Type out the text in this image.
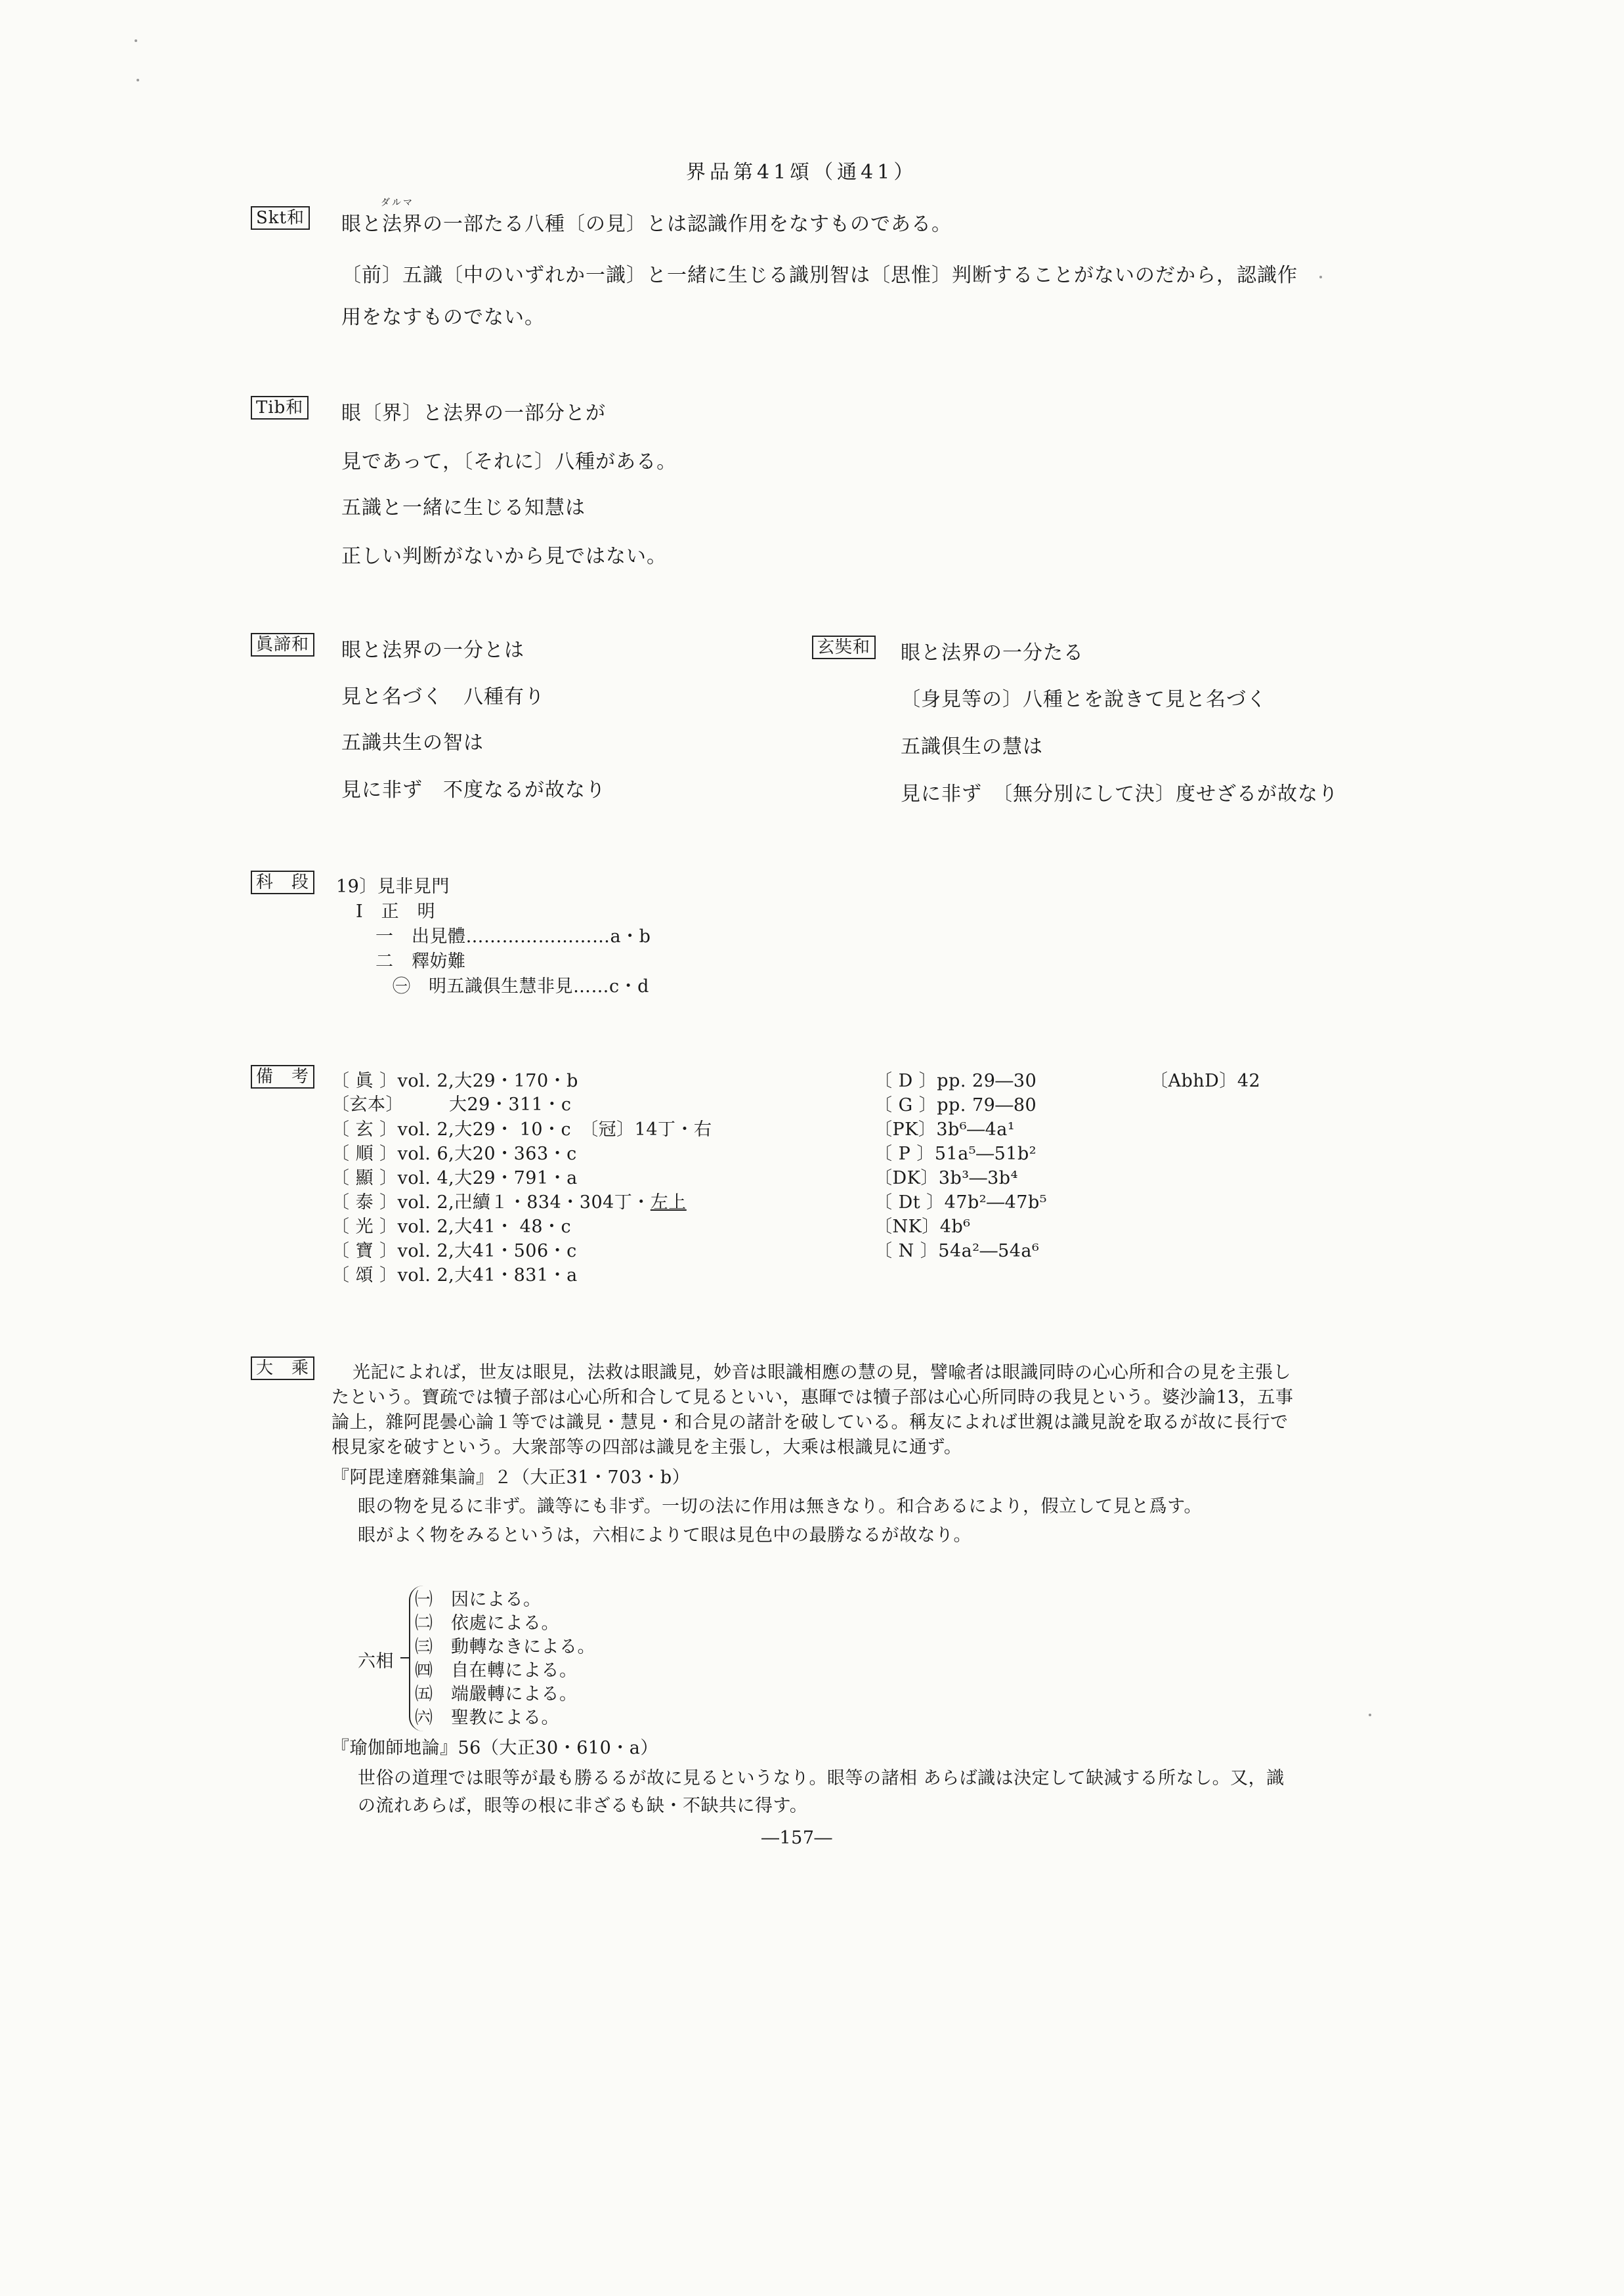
界品第41頌（通41）
Skt和
ダルマ
眼と法界の一部たる八種〔の見〕とは認識作用をなすものである。
〔前〕五識〔中のいずれか一識〕と一緒に生じる識別智は〔思惟〕判断することがないのだから，認識作
用をなすものでない。
Tib和 眼〔界〕と法界の一部分とが
見であって，〔それに〕八種がある。
五識と一緒に生じる知慧は
正しい判断がないから見ではない。
眞諦和 眼と法界の一分とは
見と名づく　八種有り
五識共生の智は
見に非ず　不度なるが故なり
玄奘和 眼と法界の一分たる
〔身見等の〕八種とを說きて見と名づく
五識俱生の慧は
見に非ず　〔無分別にして決〕度せざるが故なり
科　段 19〕見非見門
Ⅰ　正　明
一　出見體……………………a・b
二　釋妨難
㊀　明五識俱生慧非見……c・d
備　考 〔 眞 〕vol. 2,大29・170・b
〔玄本〕　　　大29・311・c
〔 玄 〕vol. 2,大29・ 10・c　〔冠〕14丁・右
〔 順 〕vol. 6,大20・363・c
〔 顯 〕vol. 4,大29・791・a
〔 泰 〕vol. 2,卍續１・834・304丁・左上
〔 光 〕vol. 2,大41・ 48・c
〔 寶 〕vol. 2,大41・506・c
〔 頌 〕vol. 2,大41・831・a
〔 D 〕pp. 29―30
〔 G 〕pp. 79―80
〔PK〕3b⁶―4a¹
〔 P 〕51a⁵―51b²
〔DK〕3b³―3b⁴
〔 Dt 〕47b²―47b⁵
〔NK〕4b⁶
〔 N 〕54a²―54a⁶
〔AbhD〕42
大　乘 光記によれば，世友は眼見，法救は眼識見，妙音は眼識相應の慧の見，譬喩者は眼識同時の心心所和合の見を主張し
たという。寶疏では犢子部は心心所和合して見るといい，惠暉では犢子部は心心所同時の我見という。婆沙論13，五事
論上，雜阿毘曇心論１等では識見・慧見・和合見の諸計を破している。稱友によれば世親は識見說を取るが故に長行で
根見家を破すという。大衆部等の四部は識見を主張し，大乘は根識見に通ず。
『阿毘達磨雜集論』２（大正31・703・b）
眼の物を見るに非ず。識等にも非ず。一切の法に作用は無きなり。和合あるにより，假立して見と爲す。
眼がよく物をみるというは，六相によりて眼は見色中の最勝なるが故なり。
六相
㈠　因による。
㈡　依處による。
㈢　動轉なきによる。
㈣　自在轉による。
㈤　端嚴轉による。
㈥　聖教による。
『瑜伽師地論』56（大正30・610・a）
世俗の道理では眼等が最も勝るるが故に見るというなり。眼等の諸相 あらば識は決定して缺減する所なし。又，識
の流れあらば，眼等の根に非ざるも缺・不缺共に得す。
―157―
